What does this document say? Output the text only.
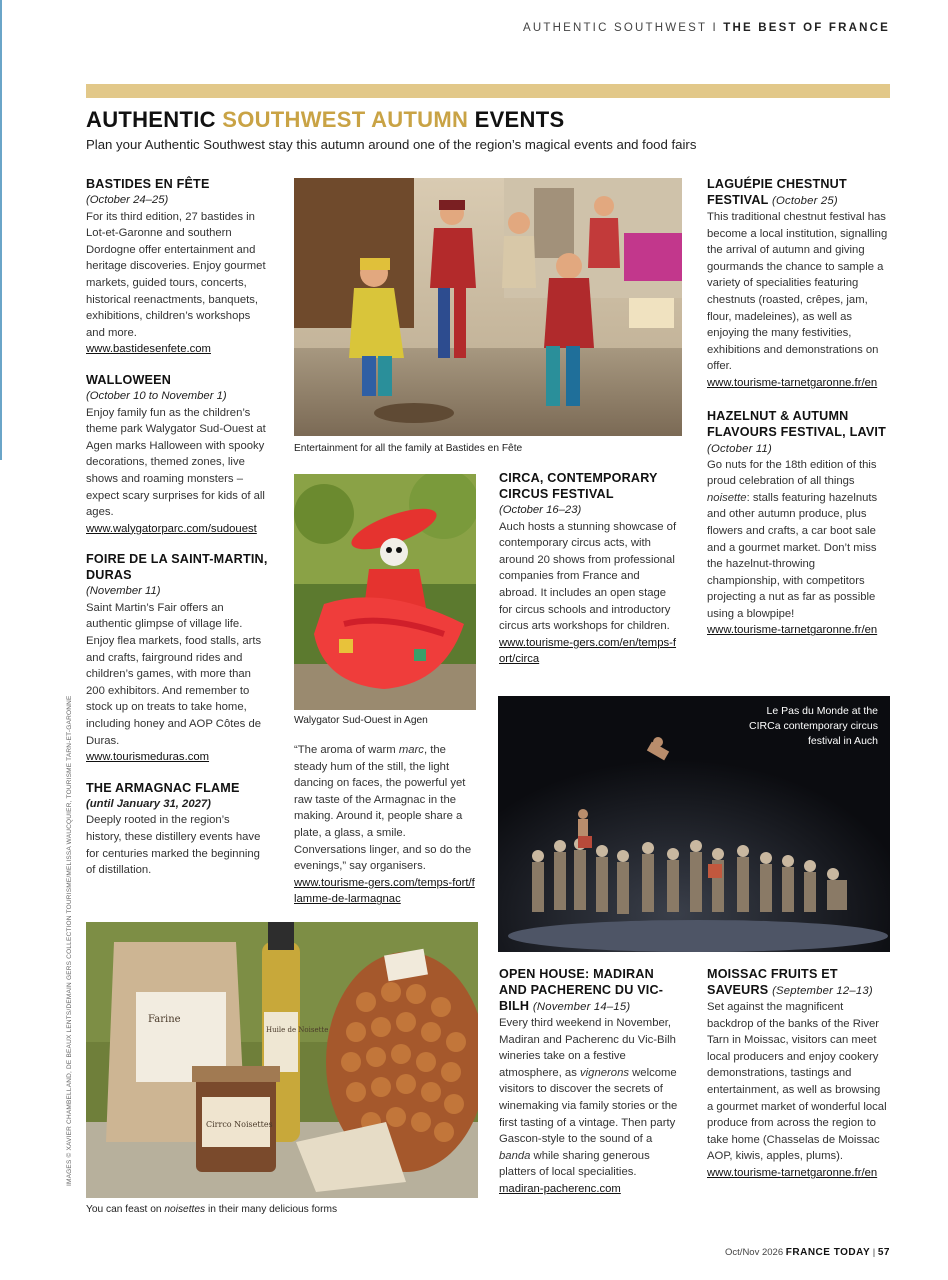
AUTHENTIC SOUTHWEST I THE BEST OF FRANCE
AUTHENTIC SOUTHWEST AUTUMN EVENTS
Plan your Authentic Southwest stay this autumn around one of the region’s magical events and food fairs
BASTIDES EN FÊTE
(October 24–25)

For its third edition, 27 bastides in Lot-et-Garonne and southern Dordogne offer entertainment and heritage discoveries. Enjoy gourmet markets, guided tours, concerts, historical reenactments, banquets, exhibitions, children’s workshops and more.

www.bastidesenfete.com
WALLOWEEN
(October 10 to November 1)

Enjoy family fun as the children’s theme park Walygator Sud-Ouest at Agen marks Halloween with spooky decorations, themed zones, live shows and roaming monsters – expect scary surprises for kids of all ages.

www.walygatorparc.com/sudouest
FOIRE DE LA SAINT-MARTIN, DURAS
(November 11)

Saint Martin’s Fair offers an authentic glimpse of village life. Enjoy flea markets, food stalls, arts and crafts, fairground rides and children’s games, with more than 200 exhibitors. And remember to stock up on treats to take home, including honey and AOP Côtes de Duras.

www.tourismeduras.com
THE ARMAGNAC FLAME
(until January 31, 2027)

Deeply rooted in the region’s history, these distillery events have for centuries marked the beginning of distillation.

Entertainment for all the family at Bastides en Fête
Walygator Sud-Ouest in Agen

“The aroma of warm marc, the steady hum of the still, the light dancing on faces, the powerful yet raw taste of the Armagnac in the making. Around it, people share a plate, a glass, a smile. Conversations linger, and so do the evenings,” say organisers.

www.tourisme-gers.com/temps-fort/flamme-de-larmagnac
CIRCA, CONTEMPORARY CIRCUS FESTIVAL
(October 16–23)

Auch hosts a stunning showcase of contemporary circus acts, with around 20 shows from professional companies from France and abroad. It includes an open stage for circus schools and introductory circus arts workshops for children.

www.tourisme-gers.com/en/temps-fort/circa
LAGUÉPIE CHESTNUT FESTIVAL (October 25)

This traditional chestnut festival has become a local institution, signalling the arrival of autumn and giving gourmands the chance to sample a variety of specialities featuring chestnuts (roasted, crêpes, jam, flour, madeleines), as well as enjoying the many festivities, exhibitions and demonstrations on offer.

www.tourisme-tarnetgaronne.fr/en
HAZELNUT & AUTUMN FLAVOURS FESTIVAL, LAVIT (October 11)

Go nuts for the 18th edition of this proud celebration of all things noisette: stalls featuring hazelnuts and other autumn produce, plus flowers and crafts, a car boot sale and a gourmet market. Don’t miss the hazelnut-throwing championship, with competitors projecting a nut as far as possible using a blowpipe!

www.tourisme-tarnetgaronne.fr/en
Le Pas du Monde at the CIRCa contemporary circus festival in Auch
OPEN HOUSE: MADIRAN AND PACHERENC DU VIC-BILH (November 14–15)

Every third weekend in November, Madiran and Pacherenc du Vic-Bilh wineries take on a festive atmosphere, as vignerons welcome visitors to discover the secrets of winemaking via family stories or the first tasting of a vintage. Then party Gascon-style to the sound of a banda while sharing generous platters of local specialities.

madiran-pacherenc.com
MOISSAC FRUITS ET SAVEURS (September 12–13)

Set against the magnificent backdrop of the banks of the River Tarn in Moissac, visitors can meet local producers and enjoy cookery demonstrations, tastings and entertainment, as well as browsing a gourmet market of wonderful local produce from across the region to take home (Chasselas de Moissac AOP, kiwis, apples, plums).

www.tourisme-tarnetgaronne.fr/en
Farine
Huile de Noisette
Cirrco Noisettes
You can feast on noisettes in their many delicious forms
IMAGES © XAVIER CHAMBELLAND, DE BEAUX LENTS/DEMAIN GERS COLLECTION TOURISME/MELISSA WAUCQUIER, TOURISME TARN-ET-GARONNE
Oct/Nov 2026 FRANCE TODAY | 57
